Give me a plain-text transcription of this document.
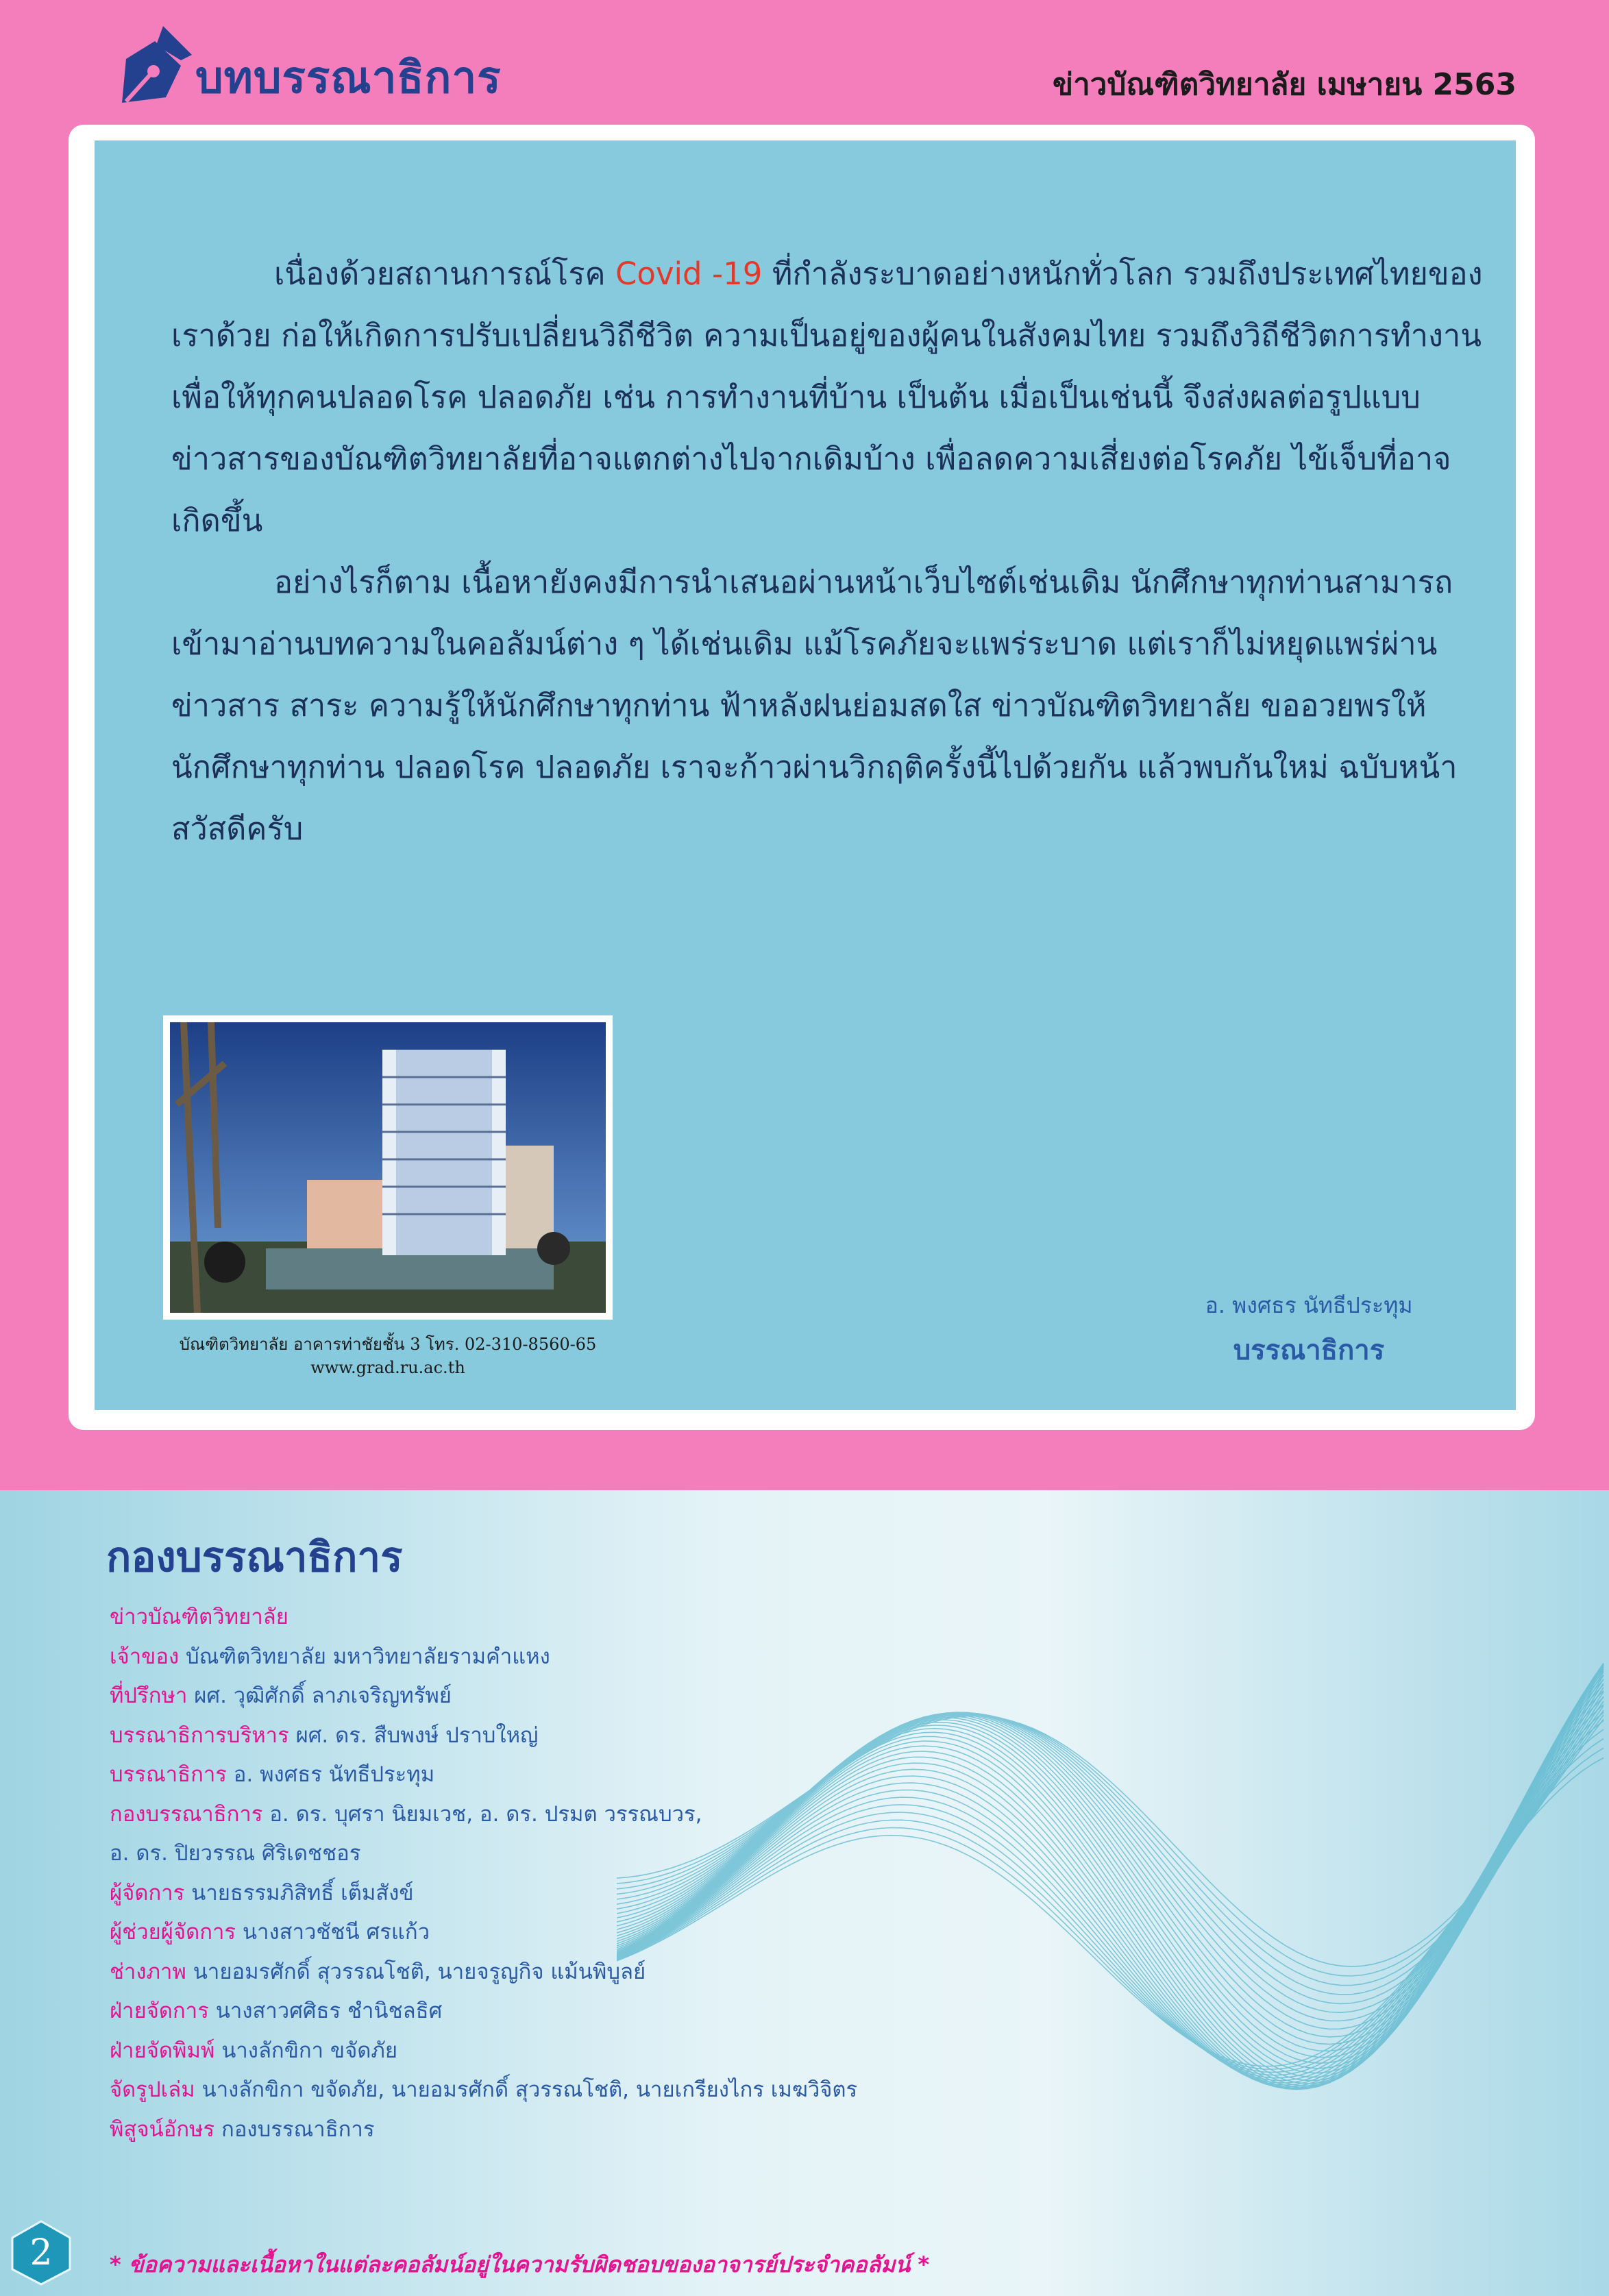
บทบรรณาธิการ	ข่าวบัณฑิตวิทยาลัย เมษายน 2563

เนื่องด้วยสถานการณ์โรค Covid -19 ที่กำลังระบาดอย่างหนักทั่วโลก รวมถึงประเทศไทยของเราด้วย ก่อให้เกิดการปรับเปลี่ยนวิถีชีวิต ความเป็นอยู่ของผู้คนในสังคมไทย รวมถึงวิถีชีวิตการทำงาน เพื่อให้ทุกคนปลอดโรค ปลอดภัย เช่น การทำงานที่บ้าน เป็นต้น เมื่อเป็นเช่นนี้ จึงส่งผลต่อรูปแบบข่าวสารของบัณฑิตวิทยาลัยที่อาจแตกต่างไปจากเดิมบ้าง เพื่อลดความเสี่ยงต่อโรคภัย ไข้เจ็บที่อาจเกิดขึ้น

อย่างไรก็ตาม เนื้อหายังคงมีการนำเสนอผ่านหน้าเว็บไซต์เช่นเดิม นักศึกษาทุกท่านสามารถเข้ามาอ่านบทความในคอลัมน์ต่าง ๆ ได้เช่นเดิม แม้โรคภัยจะแพร่ระบาด แต่เราก็ไม่หยุดแพร่ผ่านข่าวสาร สาระ ความรู้ให้นักศึกษาทุกท่าน ฟ้าหลังฝนย่อมสดใส ข่าวบัณฑิตวิทยาลัย ขออวยพรให้นักศึกษาทุกท่าน ปลอดโรค ปลอดภัย เราจะก้าวผ่านวิกฤติครั้งนี้ไปด้วยกัน แล้วพบกันใหม่ ฉบับหน้า สวัสดีครับ

บัณฑิตวิทยาลัย อาคารท่าชัยชั้น 3 โทร. 02-310-8560-65
www.grad.ru.ac.th
อ. พงศธร นัทธีประทุม
บรรณาธิการ
กองบรรณาธิการ
ข่าวบัณฑิตวิทยาลัย
เจ้าของ บัณฑิตวิทยาลัย มหาวิทยาลัยรามคำแหง
ที่ปรึกษา ผศ. วุฒิศักดิ์ ลาภเจริญทรัพย์
บรรณาธิการบริหาร ผศ. ดร. สืบพงษ์ ปราบใหญ่
บรรณาธิการ อ. พงศธร นัทธีประทุม
กองบรรณาธิการ อ. ดร. บุศรา นิยมเวช, อ. ดร. ปรมต วรรณบวร,
อ. ดร. ปิยวรรณ ศิริเดชชอร
ผู้จัดการ นายธรรมภิสิทธิ์ เต็มสังข์
ผู้ช่วยผู้จัดการ นางสาวชัชนี ศรแก้ว
ช่างภาพ นายอมรศักดิ์ สุวรรณโชติ, นายจรูญกิจ แม้นพิบูลย์
ฝ่ายจัดการ นางสาวศศิธร ชำนิชลธิศ
ฝ่ายจัดพิมพ์ นางลักขิกา ขจัดภัย
จัดรูปเล่ม นางลักขิกา ขจัดภัย, นายอมรศักดิ์ สุวรรณโชติ, นายเกรียงไกร เมฆวิจิตร
พิสูจน์อักษร กองบรรณาธิการ
2	* ข้อความและเนื้อหาในแต่ละคอลัมน์อยู่ในความรับผิดชอบของอาจารย์ประจำคอลัมน์ *
